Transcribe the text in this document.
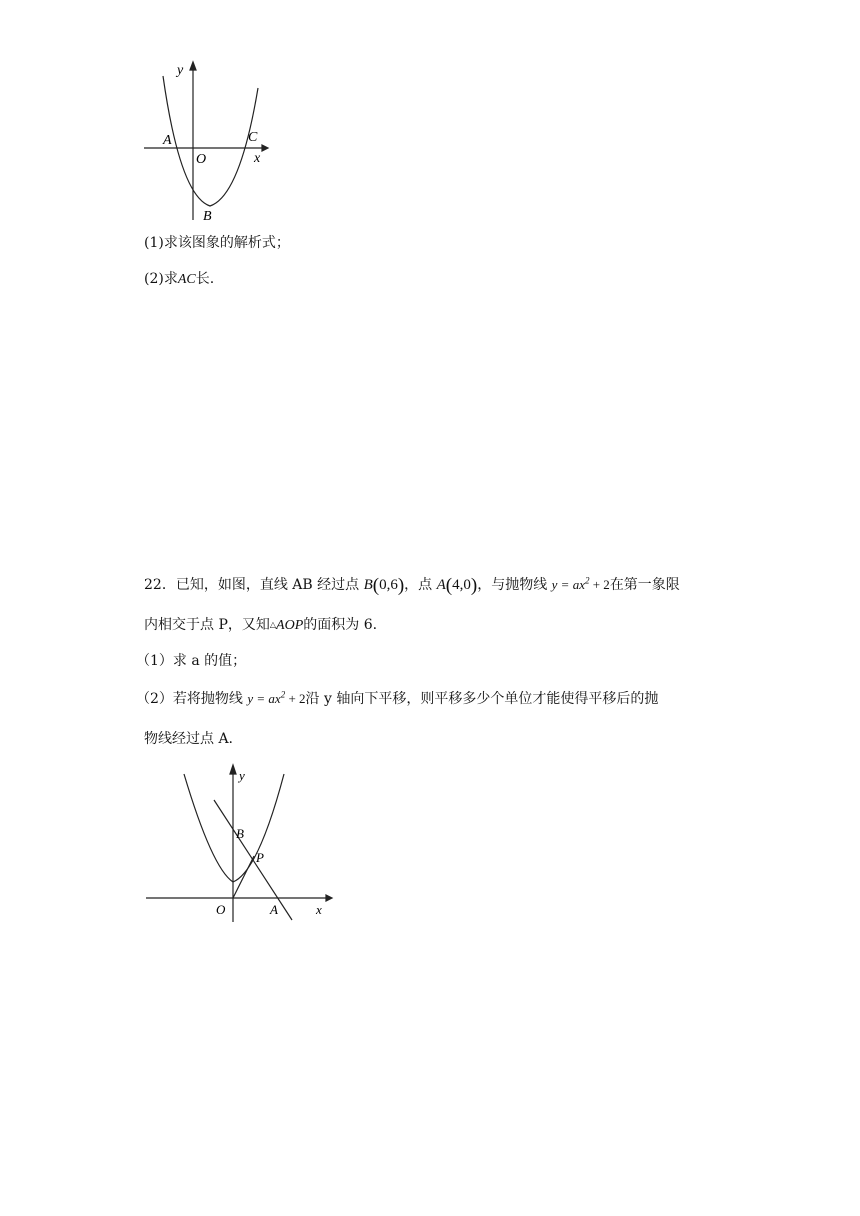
y
x
A
O
C
B
(1)求该图象的解析式；
(2)求AC长.
22．已知，如图，直线 AB 经过点 B(0,6)，点 A(4,0)，与抛物线 $y = ax^2 + 2$在第一象限
内相交于点 P，又知△AOP的面积为 6.
（1）求 a 的值；
（2）若将抛物线 $y = ax^2 + 2$沿 y 轴向下平移，则平移多少个单位才能使得平移后的抛
物线经过点 A.
y
x
B
P
O	A
